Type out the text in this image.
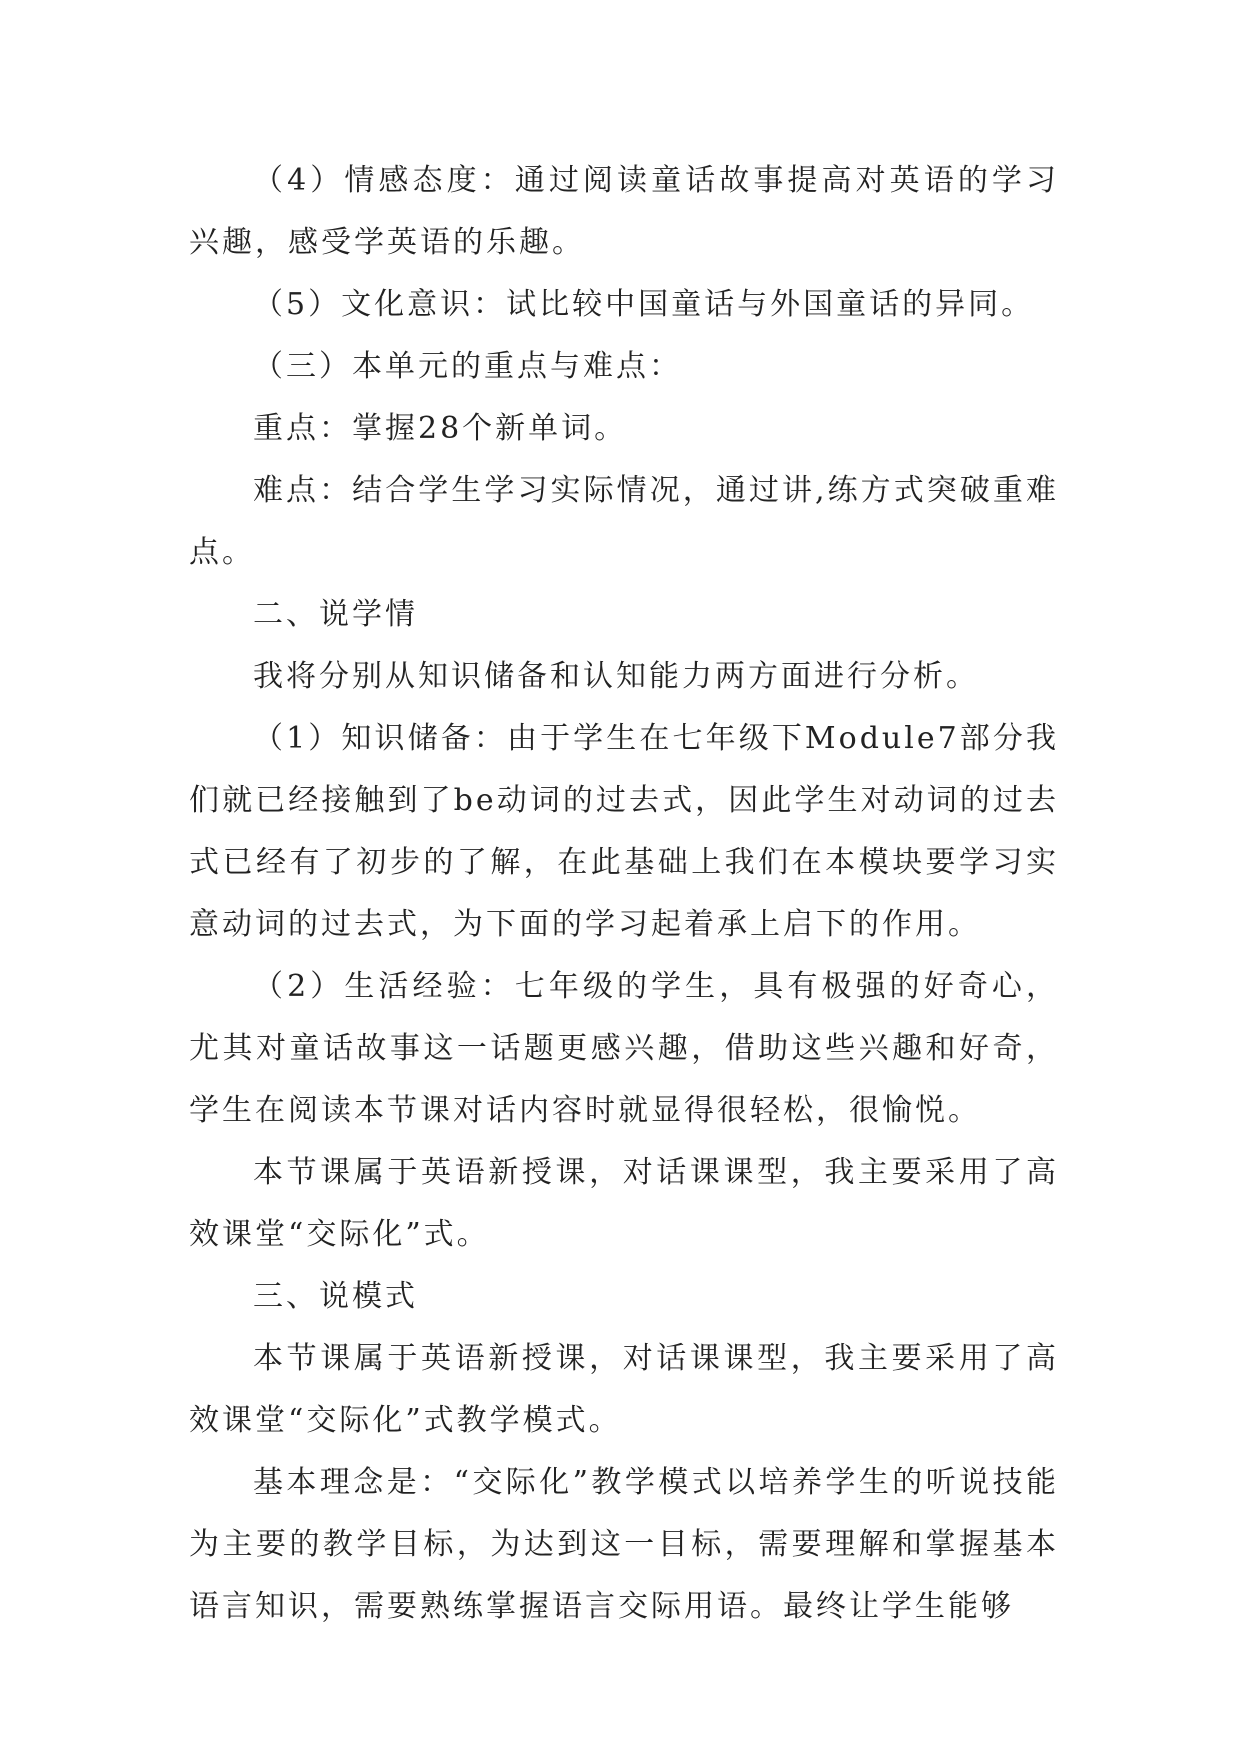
（4）情感态度：通过阅读童话故事提高对英语的学习兴趣，感受学英语的乐趣。

（5）文化意识：试比较中国童话与外国童话的异同。

（三）本单元的重点与难点：

重点：掌握28个新单词。

难点：结合学生学习实际情况，通过讲,练方式突破重难点。

二、说学情

我将分别从知识储备和认知能力两方面进行分析。

（1）知识储备：由于学生在七年级下Module7部分我们就已经接触到了be动词的过去式，因此学生对动词的过去式已经有了初步的了解，在此基础上我们在本模块要学习实意动词的过去式，为下面的学习起着承上启下的作用。

（2）生活经验：七年级的学生，具有极强的好奇心，尤其对童话故事这一话题更感兴趣，借助这些兴趣和好奇，学生在阅读本节课对话内容时就显得很轻松，很愉悦。

本节课属于英语新授课，对话课课型，我主要采用了高效课堂“交际化”式。

三、说模式

本节课属于英语新授课，对话课课型，我主要采用了高效课堂“交际化”式教学模式。

基本理念是：“交际化”教学模式以培养学生的听说技能为主要的教学目标，为达到这一目标，需要理解和掌握基本语言知识，需要熟练掌握语言交际用语。最终让学生能够
